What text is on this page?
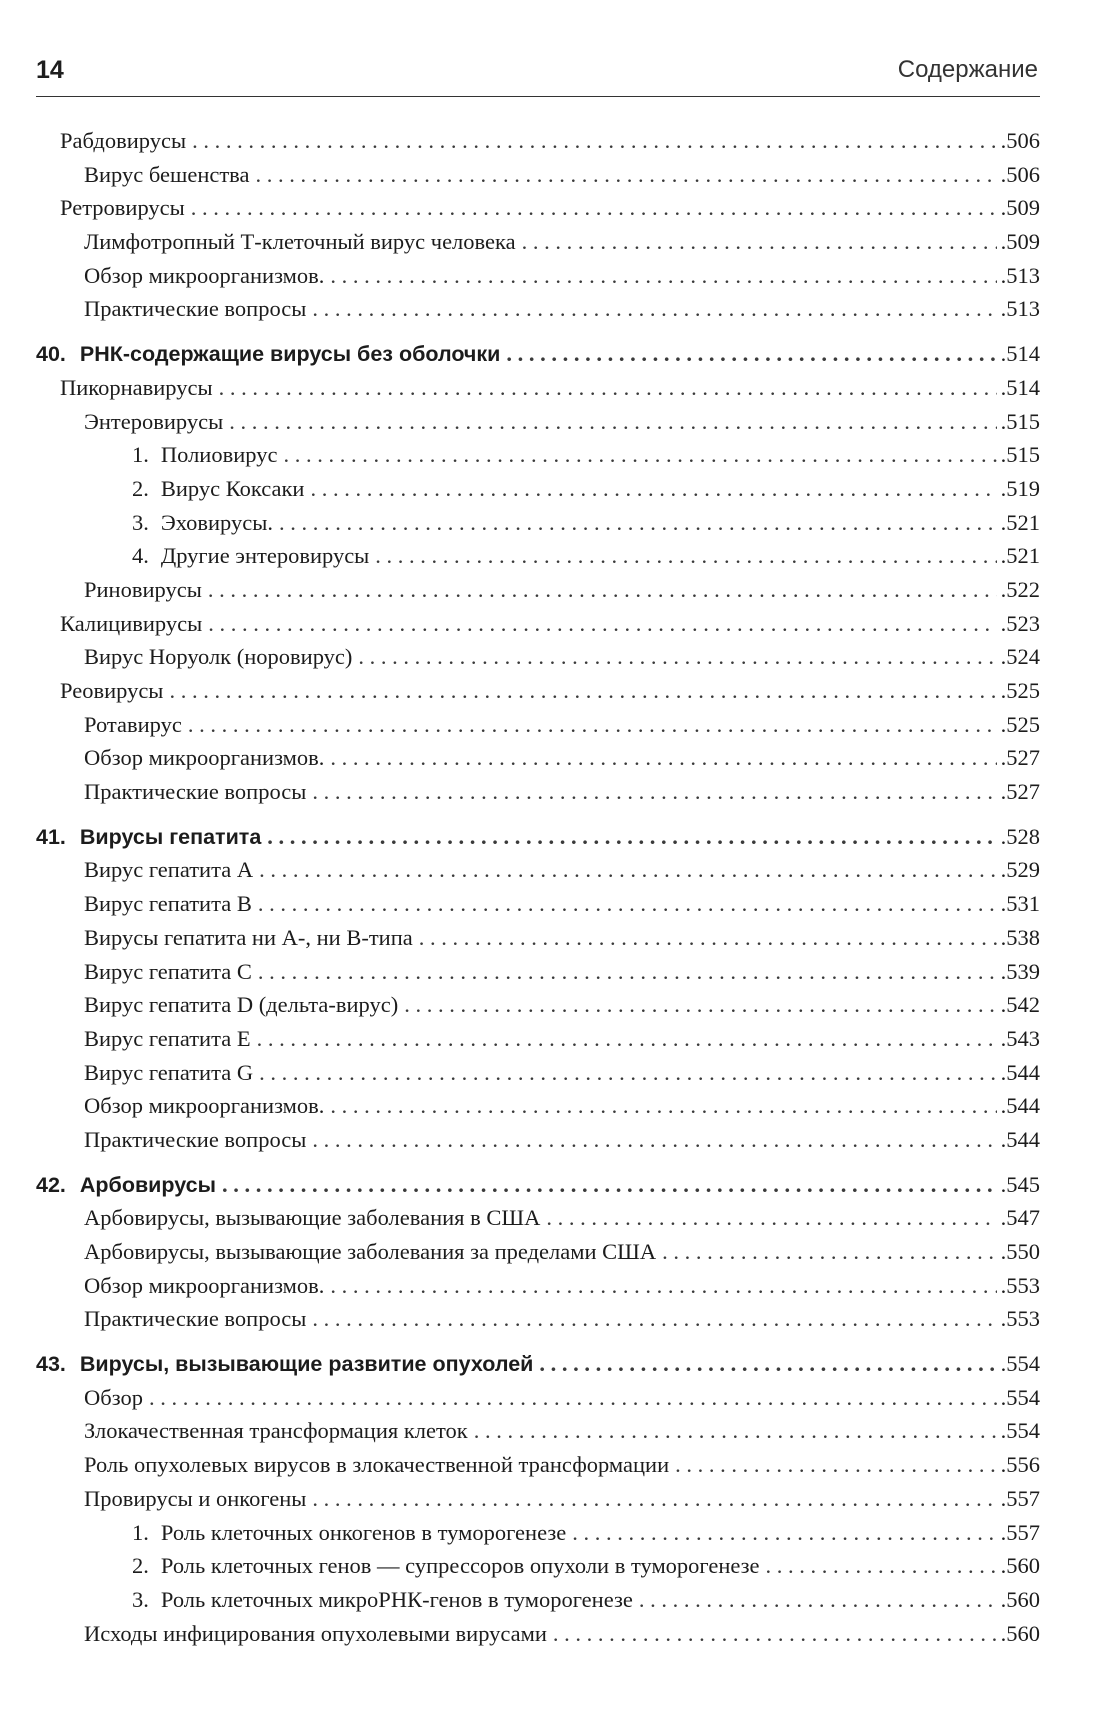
14	Содержание
Рабдовирусы . . .	.506
Вирус бешенства . . .	.506
Ретровирусы . . .	.509
Лимфотропный Т-клеточный вирус человека . . .	.509
Обзор микроорганизмов. . . .	.513
Практические вопросы . . .	.513
40. РНК-содержащие вирусы без оболочки . . .	.514
Пикорнавирусы . . .	.514
Энтеровирусы . . .	.515
1. Полиовирус . . .	.515
2. Вирус Коксаки . . .	.519
3. Эховирусы. . . .	.521
4. Другие энтеровирусы . . .	.521
Риновирусы . . .	.522
Калицивирусы . . .	.523
Вирус Норуолк (норовирус) . . .	.524
Реовирусы . . .	.525
Ротавирус . . .	.525
Обзор микроорганизмов. . . .	.527
Практические вопросы . . .	.527
41. Вирусы гепатита . . .	.528
Вирус гепатита А . . .	.529
Вирус гепатита В . . .	.531
Вирусы гепатита ни А-, ни В-типа . . .	.538
Вирус гепатита С . . .	.539
Вирус гепатита D (дельта-вирус) . . .	.542
Вирус гепатита Е . . .	.543
Вирус гепатита G . . .	.544
Обзор микроорганизмов. . . .	.544
Практические вопросы . . .	.544
42. Арбовирусы . . .	.545
Арбовирусы, вызывающие заболевания в США . . .	.547
Арбовирусы, вызывающие заболевания за пределами США . . .	.550
Обзор микроорганизмов. . . .	.553
Практические вопросы . . .	.553
43. Вирусы, вызывающие развитие опухолей . . .	.554
Обзор . . .	.554
Злокачественная трансформация клеток . . .	.554
Роль опухолевых вирусов в злокачественной трансформации . . .	.556
Провирусы и онкогены . . .	.557
1. Роль клеточных онкогенов в туморогенезе . . .	.557
2. Роль клеточных генов — супрессоров опухоли в туморогенезе . . .	.560
3. Роль клеточных микроРНК-генов в туморогенезе . . .	.560
Исходы инфицирования опухолевыми вирусами . . .	.560
